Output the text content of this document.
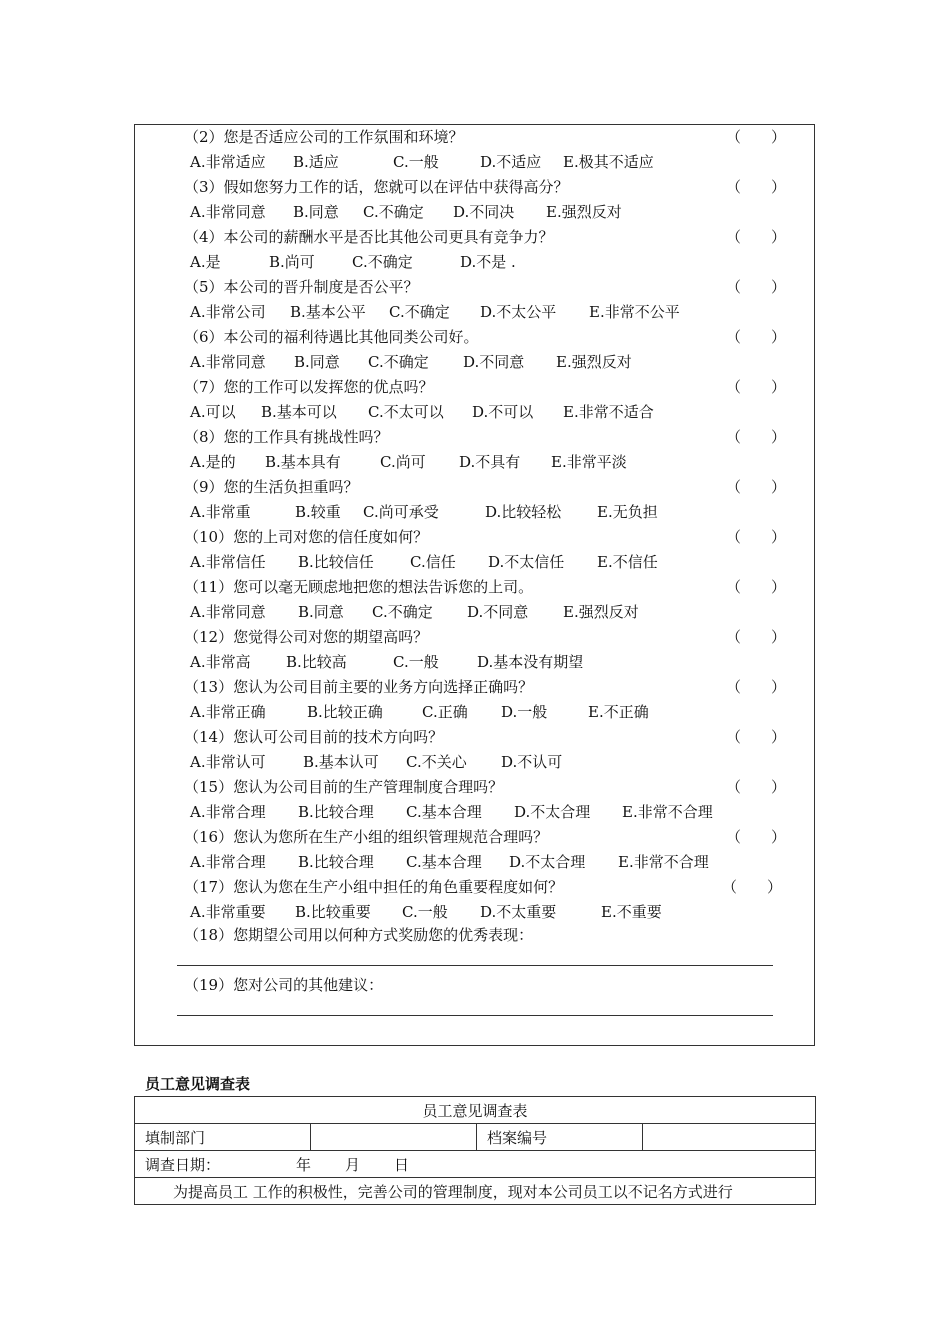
（2）您是否适应公司的工作氛围和环境？	（　　）
A.非常适应 B.适应	C.一般	D.不适应 E.极其不适应
（3）假如您努力工作的话，您就可以在评估中获得高分？	（　　）
A.非常同意 B.同意 C.不确定 D.不同决 E.强烈反对
（4）本公司的薪酬水平是否比其他公司更具有竞争力？	（　　）
A.是	B.尚可 C.不确定	D.不是 .
（5）本公司的晋升制度是否公平？	（　　）
A.非常公司 B.基本公平 C.不确定 D.不太公平 E.非常不公平
（6）本公司的福利待遇比其他同类公司好。	（　　）
A.非常同意 B.同意 C.不确定 D.不同意 E.强烈反对
（7）您的工作可以发挥您的优点吗？	（　　）
A.可以 B.基本可以 C.不太可以 D.不可以 E.非常不适合
（8）您的工作具有挑战性吗？	（　　）
A.是的 B.基本具有	C.尚可 D.不具有 E.非常平淡
（9）您的生活负担重吗？	（　　）
A.非常重	B.较重 C.尚可承受	D.比较轻松 E.无负担
（10）您的上司对您的信任度如何？	（　　）
A.非常信任 B.比较信任 C.信任 D.不太信任 E.不信任
（11）您可以毫无顾虑地把您的想法告诉您的上司。	（　　）
A.非常同意 B.同意 C.不确定 D.不同意 E.强烈反对
（12）您觉得公司对您的期望高吗？	（　　）
A.非常高 B.比较高	C.一般	D.基本没有期望
（13）您认为公司目前主要的业务方向选择正确吗？	（　　）
A.非常正确	B.比较正确	C.正确 D.一般	E.不正确
（14）您认可公司目前的技术方向吗？	（　　）
A.非常认可 B.基本认可 C.不关心 D.不认可
（15）您认为公司目前的生产管理制度合理吗？	（　　）
A.非常合理 B.比较合理 C.基本合理 D.不太合理 E.非常不合理
（16）您认为您所在生产小组的组织管理规范合理吗？	（　　）
A.非常合理 B.比较合理 C.基本合理 D.不太合理 E.非常不合理
（17）您认为您在生产小组中担任的角色重要程度如何？	（　　）
A.非常重要 B.比较重要 C.一般 D.不太重要	E.不重要
（18）您期望公司用以何种方式奖励您的优秀表现：
（19）您对公司的其他建议：
员工意见调查表
员工意见调查表
填制部门		档案编号	
调查日期：	年 月 日
为提高员工 工作的积极性，完善公司的管理制度，现对本公司员工以不记名方式进行
